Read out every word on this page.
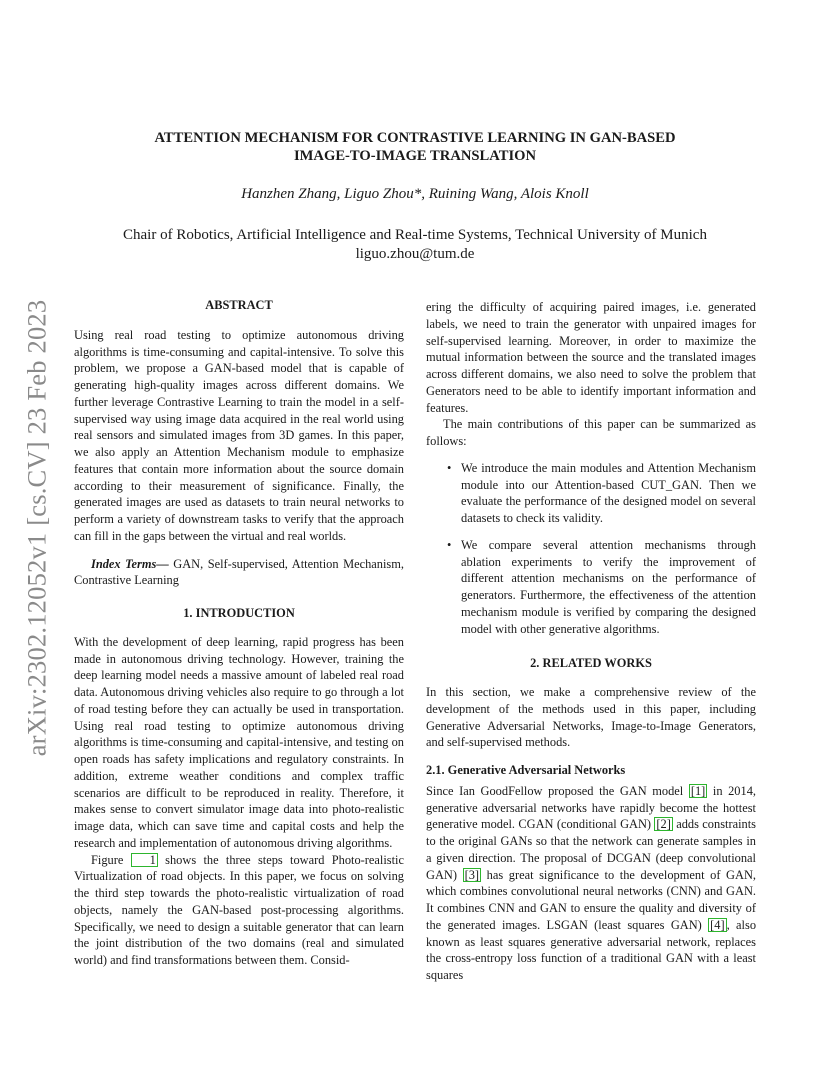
arXiv:2302.12052v1 [cs.CV] 23 Feb 2023
ATTENTION MECHANISM FOR CONTRASTIVE LEARNING IN GAN-BASED
IMAGE-TO-IMAGE TRANSLATION
Hanzhen Zhang, Liguo Zhou*, Ruining Wang, Alois Knoll
Chair of Robotics, Artificial Intelligence and Real-time Systems, Technical University of Munich
liguo.zhou@tum.de
ABSTRACT

Using real road testing to optimize autonomous driving algorithms is time-consuming and capital-intensive. To solve this problem, we propose a GAN-based model that is capable of generating high-quality images across different domains. We further leverage Contrastive Learning to train the model in a self-supervised way using image data acquired in the real world using real sensors and simulated images from 3D games. In this paper, we also apply an Attention Mechanism module to emphasize features that contain more information about the source domain according to their measurement of significance. Finally, the generated images are used as datasets to train neural networks to perform a variety of downstream tasks to verify that the approach can fill in the gaps between the virtual and real worlds.

Index Terms— GAN, Self-supervised, Attention Mechanism, Contrastive Learning

1. INTRODUCTION

With the development of deep learning, rapid progress has been made in autonomous driving technology. However, training the deep learning model needs a massive amount of labeled real road data. Autonomous driving vehicles also require to go through a lot of road testing before they can actually be used in transportation. Using real road testing to optimize autonomous driving algorithms is time-consuming and capital-intensive, and testing on open roads has safety implications and regulatory constraints. In addition, extreme weather conditions and complex traffic scenarios are difficult to be reproduced in reality. Therefore, it makes sense to convert simulator image data into photo-realistic image data, which can save time and capital costs and help the research and implementation of autonomous driving algorithms.

Figure 1 shows the three steps toward Photo-realistic Virtualization of road objects. In this paper, we focus on solving the third step towards the photo-realistic virtualization of road objects, namely the GAN-based post-processing algorithms. Specifically, we need to design a suitable generator that can learn the joint distribution of the two domains (real and simulated world) and find transformations between them. Consid-

ering the difficulty of acquiring paired images, i.e. generated labels, we need to train the generator with unpaired images for self-supervised learning. Moreover, in order to maximize the mutual information between the source and the translated images across different domains, we also need to solve the problem that Generators need to be able to identify important information and features.

The main contributions of this paper can be summarized as follows:

• We introduce the main modules and Attention Mechanism module into our Attention-based CUT_GAN. Then we evaluate the performance of the designed model on several datasets to check its validity.
• We compare several attention mechanisms through ablation experiments to verify the improvement of different attention mechanisms on the performance of generators. Furthermore, the effectiveness of the attention mechanism module is verified by comparing the designed model with other generative algorithms.
2. RELATED WORKS

In this section, we make a comprehensive review of the development of the methods used in this paper, including Generative Adversarial Networks, Image-to-Image Generators, and self-supervised methods.

2.1. Generative Adversarial Networks

Since Ian GoodFellow proposed the GAN model [1] in 2014, generative adversarial networks have rapidly become the hottest generative model. CGAN (conditional GAN) [2] adds constraints to the original GANs so that the network can generate samples in a given direction. The proposal of DCGAN (deep convolutional GAN) [3] has great significance to the development of GAN, which combines convolutional neural networks (CNN) and GAN. It combines CNN and GAN to ensure the quality and diversity of the generated images. LSGAN (least squares GAN) [4] , also known as least squares generative adversarial network, replaces the cross-entropy loss function of a traditional GAN with a least squares
